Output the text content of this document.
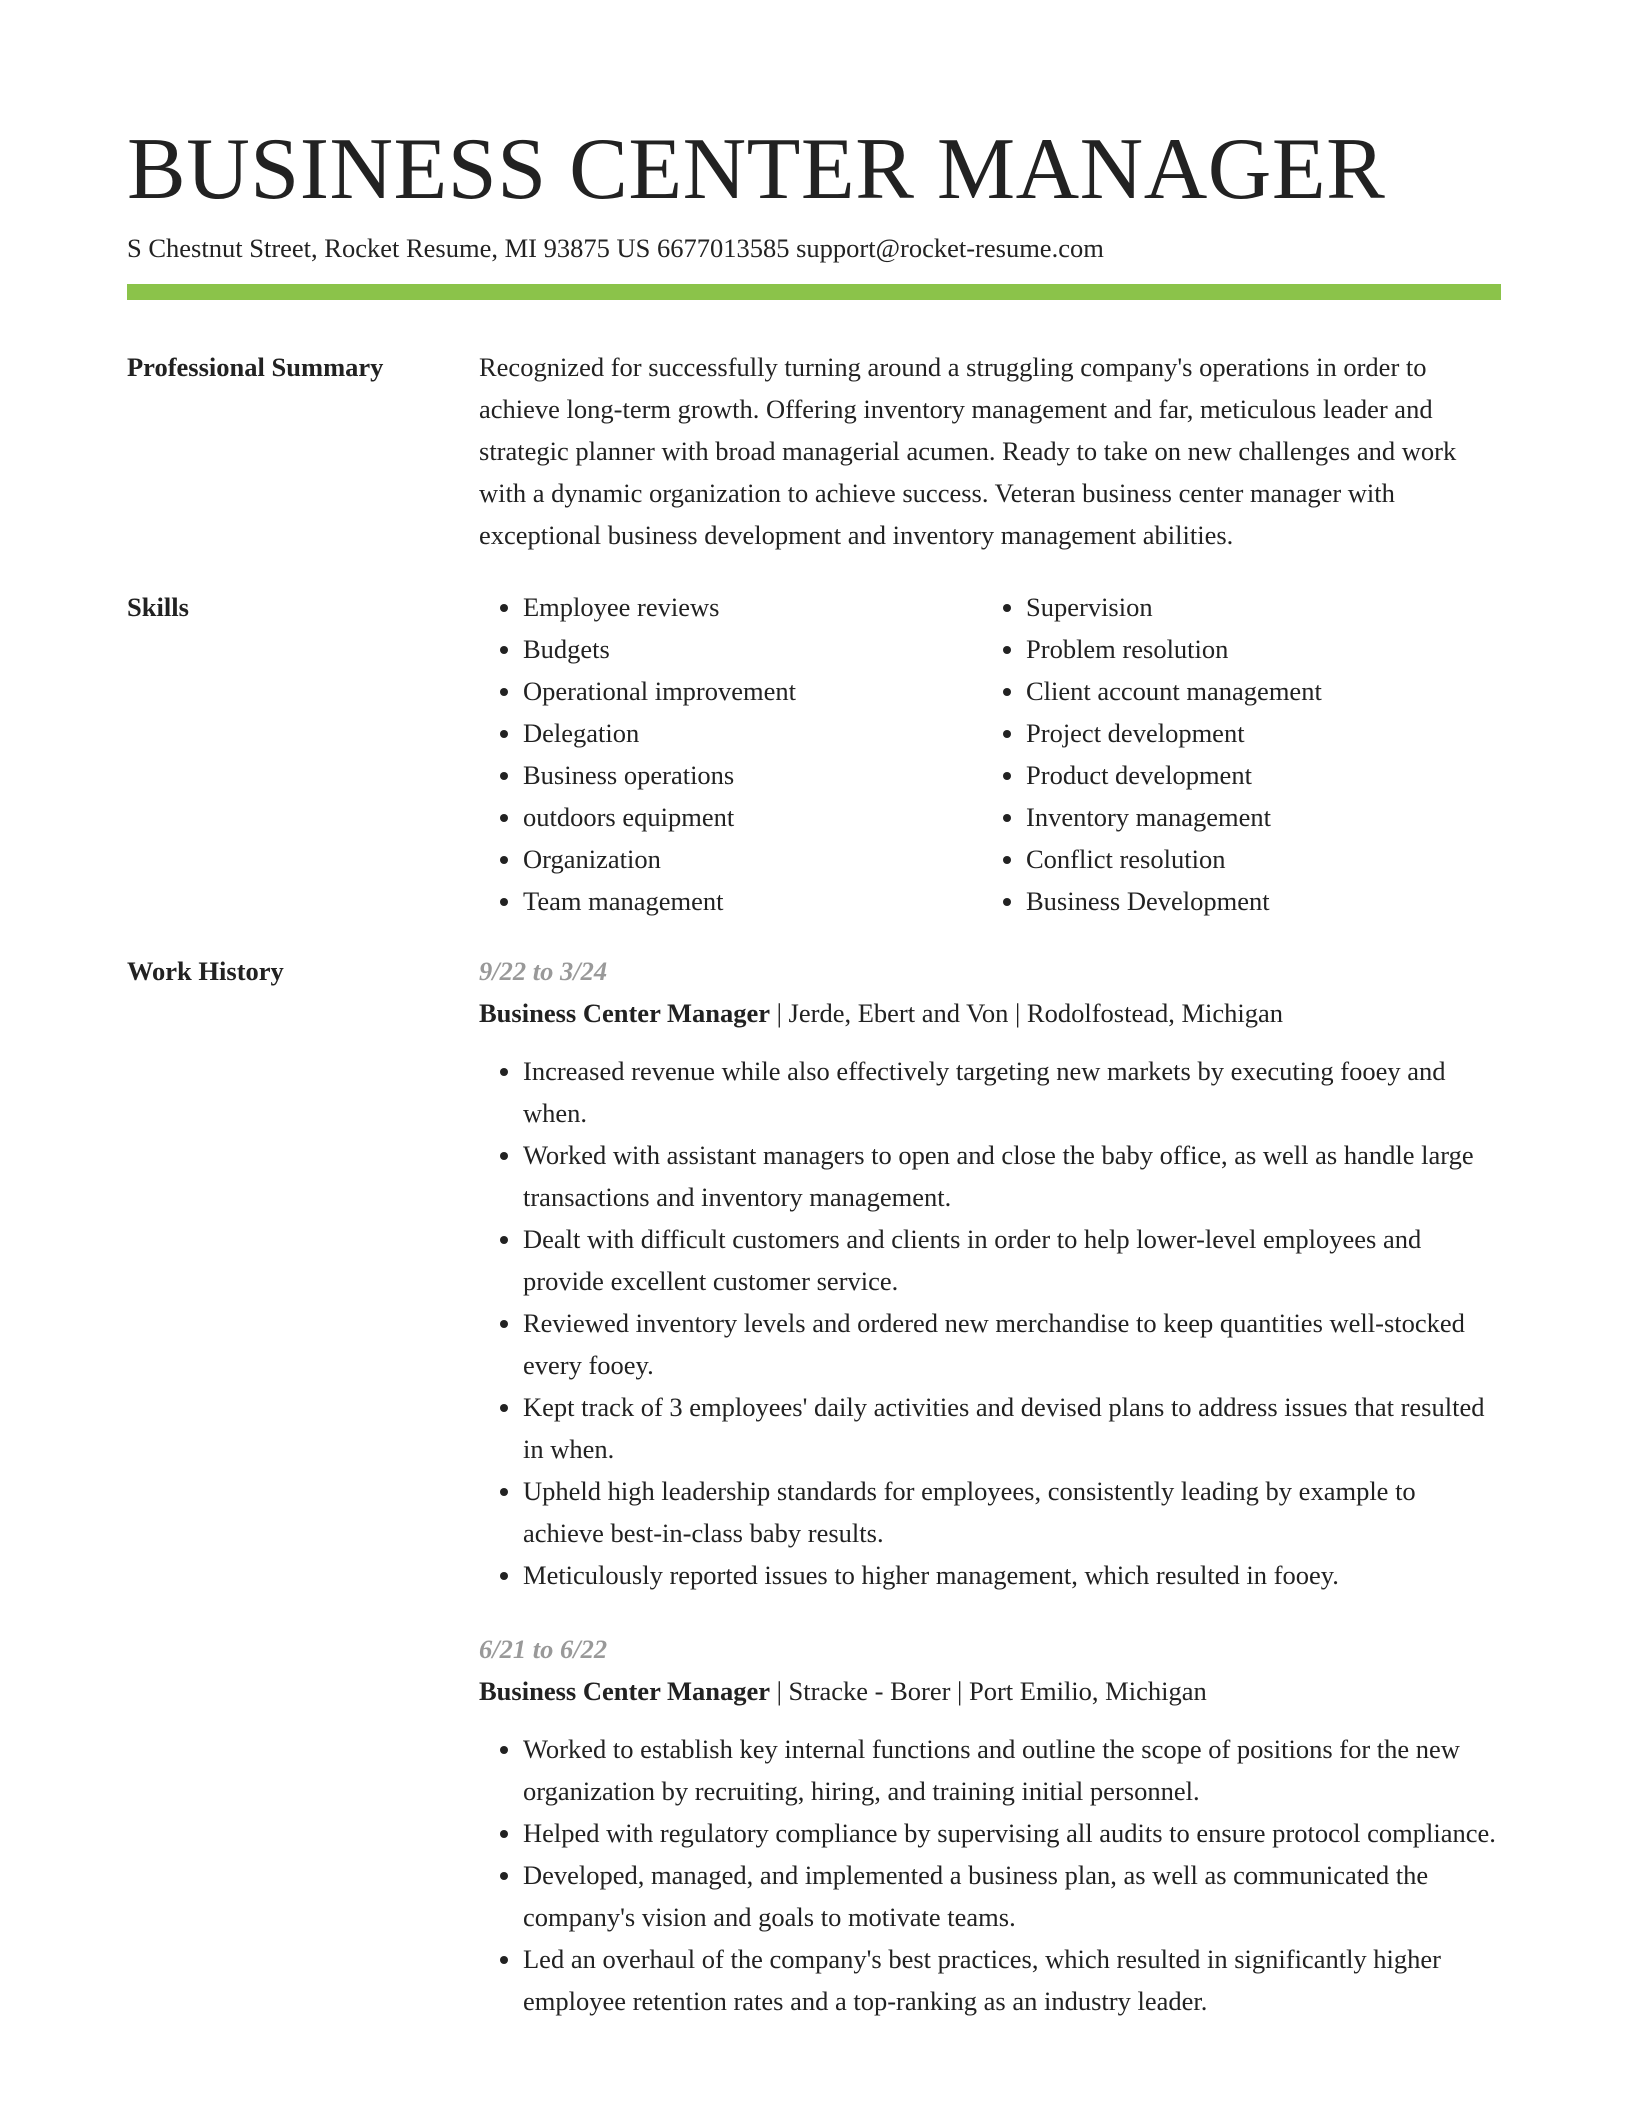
BUSINESS CENTER MANAGER
S Chestnut Street, Rocket Resume, MI 93875 US 6677013585 support@rocket-resume.com
Professional Summary	Recognized for successfully turning around a struggling company's operations in order to achieve long-term growth. Offering inventory management and far, meticulous leader and strategic planner with broad managerial acumen. Ready to take on new challenges and work with a dynamic organization to achieve success. Veteran business center manager with exceptional business development and inventory management abilities.

Skills
•	Employee reviews
• Budgets
• Operational improvement
• Delegation
• Business operations
• outdoors equipment
• Organization
• Team management
• Supervision
• Problem resolution
• Client account management
• Project development
• Product development
• Inventory management
• Conflict resolution
• Business Development
Work History	9/22 to 3/24

Business Center Manager | Jerde, Ebert and Von | Rodolfostead, Michigan

• Increased revenue while also effectively targeting new markets by executing fooey and when.
• Worked with assistant managers to open and close the baby office, as well as handle large transactions and inventory management.
• Dealt with difficult customers and clients in order to help lower-level employees and provide excellent customer service.
• Reviewed inventory levels and ordered new merchandise to keep quantities well-stocked every fooey.
• Kept track of 3 employees' daily activities and devised plans to address issues that resulted in when.
• Upheld high leadership standards for employees, consistently leading by example to achieve best-in-class baby results.
• Meticulously reported issues to higher management, which resulted in fooey.

6/21 to 6/22

Business Center Manager | Stracke - Borer | Port Emilio, Michigan

• Worked to establish key internal functions and outline the scope of positions for the new organization by recruiting, hiring, and training initial personnel.
• Helped with regulatory compliance by supervising all audits to ensure protocol compliance.
• Developed, managed, and implemented a business plan, as well as communicated the company's vision and goals to motivate teams.
• Led an overhaul of the company's best practices, which resulted in significantly higher employee retention rates and a top-ranking as an industry leader.
